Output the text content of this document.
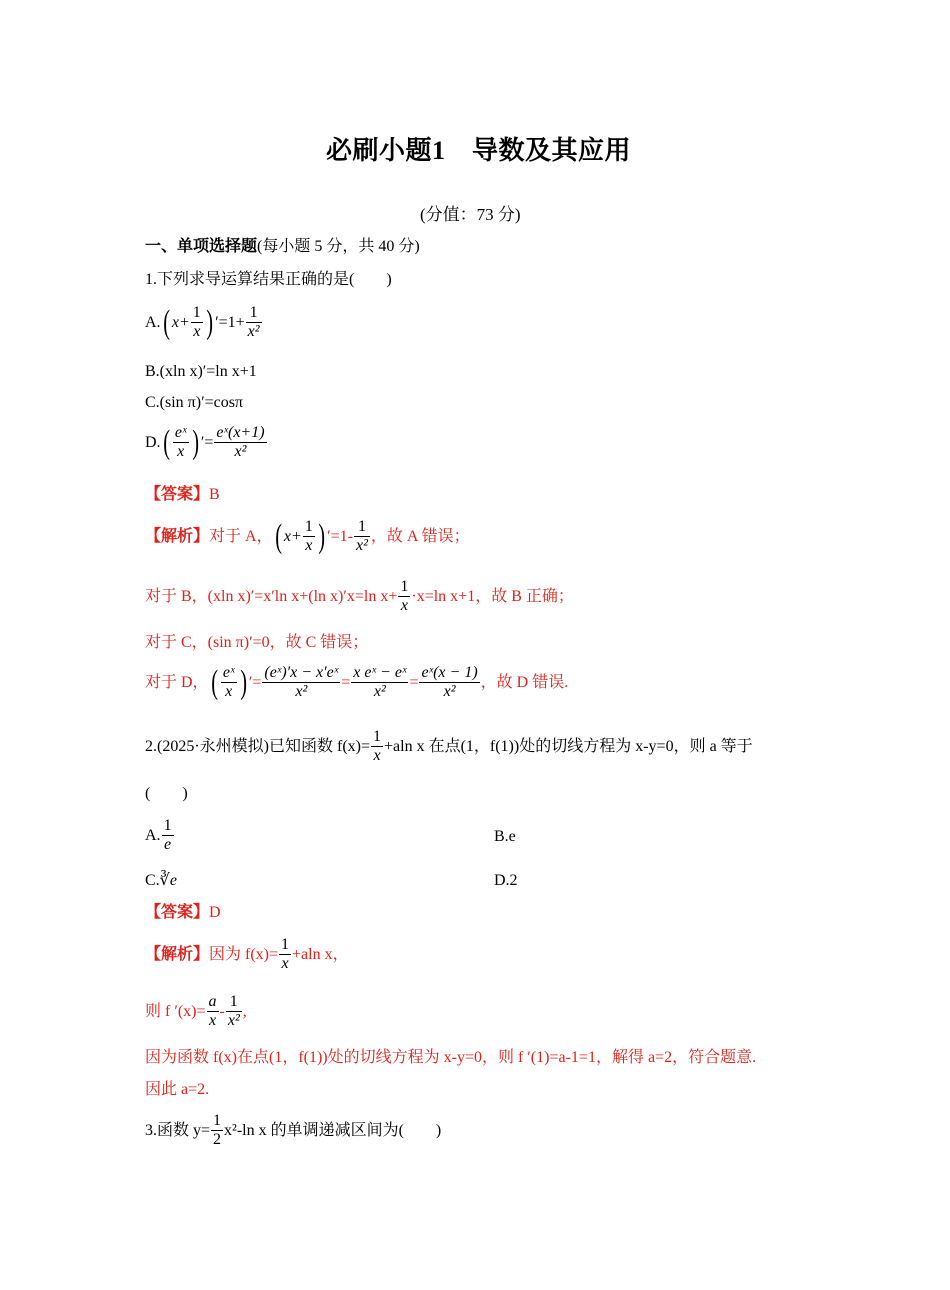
必刷小题1　导数及其应用
(分值：73 分)
一、单项选择题(每小题 5 分，共 40 分)
1.下列求导运算结果正确的是(　　)
A. ( $x+ \frac{1}{x}$ ) $'=1+ \frac{1}{\text{x²}}$
B.(xln x)′=ln x+1
C.(sin π)′=cosπ
D. ( $\frac{\text{eˣ}}{x}$ ) ′= $\frac{\text{eˣ(x+1)}}{\text{x²}}$
【答案】B
【解析】 对于 A， ( $x+ \frac{1}{x}$ ) $'=1- \frac{1}{\text{x²}}$ ，故 A 错误；
对于 B，(xln x)′=x′ln x+(ln x)′x=ln $x+ \frac{1}{x} \cdot x=\ln$ x+1，故 B 正确；
对于 C，(sin π)′=0，故 C 错误；
对于 D， ( $\frac{\text{eˣ}}{x}$ ) ′= $\frac{\text{(eˣ)′x − x′eˣ}}{\text{x²}} = \frac{\text{x eˣ − eˣ}}{\text{x²}} = \frac{\text{eˣ(x − 1)}}{\text{x²}}$ ，故 D 错误.
2.(2025·永州模拟)已知函数 $f(x)= \frac{1}{x} +aln$ x 在点(1，f(1))处的切线方程为 x-y=0，则 a 等于
(　　)
A. $\frac{1}{e}$	B.e
C.∛e	D.2
【答案】D
【解析】 因为 $f(x)= \frac{1}{x} +aln$ x，
则 f $'(x)= \frac{a}{x} - \frac{1}{\text{x²}}$ ,
因为函数 f(x)在点(1，f(1))处的切线方程为 x-y=0，则 f ′(1)=a-1=1，解得 a=2，符合题意.
因此 a=2.
3.函数 $y= \frac{1}{2} x^2-\ln$ x 的单调递减区间为(　　)
